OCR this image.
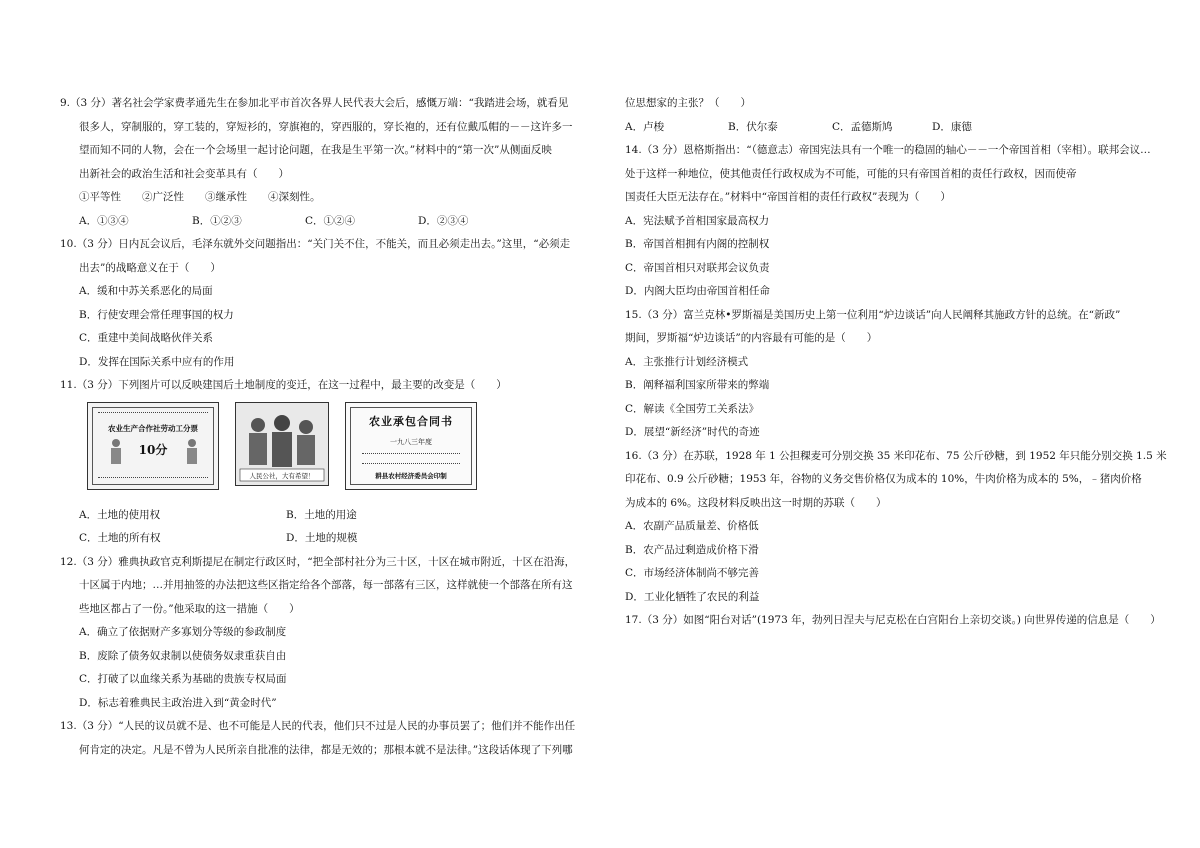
9.（3 分）著名社会学家费孝通先生在参加北平市首次各界人民代表大会后，感慨万端：“我踏进会场，就看见
很多人，穿制服的，穿工装的，穿短衫的，穿旗袍的，穿西服的，穿长袍的，还有位戴瓜帽的－－这许多一
望而知不同的人物，会在一个会场里一起讨论问题，在我是生平第一次。”材料中的“第一次”从侧面反映
出新社会的政治生活和社会变革具有（　　）
①平等性　　②广泛性　　③继承性　　④深刻性。
A．①③④	B．①②③	C．①②④	D．②③④
10.（3 分）日内瓦会议后，毛泽东就外交问题指出：“关门关不住，不能关，而且必须走出去。”这里，“必须走
出去”的战略意义在于（　　）
A．缓和中苏关系恶化的局面
B．行使安理会常任理事国的权力
C．重建中美间战略伙伴关系
D．发挥在国际关系中应有的作用
11.（3 分）下列图片可以反映建国后土地制度的变迁，在这一过程中，最主要的改变是（　　）
农业生产合作社劳动工分票
10分
人民公社，大有希望！
农业承包合同书
一九八三年度
耕县农村经济委员会印制
A．土地的使用权	B．土地的用途
C．土地的所有权	D．土地的规模
12.（3 分）雅典执政官克利斯提尼在制定行政区时，“把全部村社分为三十区，十区在城市附近，十区在沿海，
十区属于内地；…并用抽签的办法把这些区指定给各个部落，每一部落有三区，这样就使一个部落在所有这
些地区都占了一份。”他采取的这一措施（　　）
A．确立了依据财产多寡划分等级的参政制度
B．废除了债务奴隶制以使债务奴隶重获自由
C．打破了以血缘关系为基础的贵族专权局面
D．标志着雅典民主政治进入到“黄金时代”
13.（3 分）“人民的议员就不是、也不可能是人民的代表，他们只不过是人民的办事员罢了；他们并不能作出任
何肯定的决定。凡是不曾为人民所亲自批准的法律，都是无效的；那根本就不是法律。”这段话体现了下列哪
位思想家的主张？（　　）
A．卢梭	B．伏尔泰	C．孟德斯鸠	D．康德
14.（3 分）恩格斯指出：“（德意志）帝国宪法具有一个唯一的稳固的轴心－－一个帝国首相（宰相）。联邦会议…
处于这样一种地位，使其他责任行政权成为不可能，可能的只有帝国首相的责任行政权，因而使帝
国责任大臣无法存在。”材料中“帝国首相的责任行政权”表现为（　　）
A．宪法赋予首相国家最高权力
B．帝国首相拥有内阁的控制权
C．帝国首相只对联邦会议负责
D．内阁大臣均由帝国首相任命
15.（3 分）富兰克林•罗斯福是美国历史上第一位利用“炉边谈话”向人民阐释其施政方针的总统。在“新政”
期间，罗斯福“炉边谈话”的内容最有可能的是（　　）
A．主张推行计划经济模式
B．阐释福利国家所带来的弊端
C．解读《全国劳工关系法》
D．展望“新经济”时代的奇迹
16.（3 分）在苏联，1928 年 1 公担稞麦可分别交换 35 米印花布、75 公斤砂糖，到 1952 年只能分别交换 1.5 米
印花布、0.9 公斤砂糖；1953 年，谷物的义务交售价格仅为成本的 10%，牛肉价格为成本的 5%，﹣猪肉价格
为成本的 6%。这段材料反映出这一时期的苏联（　　）
A．农副产品质量差、价格低
B．农产品过剩造成价格下滑
C．市场经济体制尚不够完善
D．工业化牺牲了农民的利益
17.（3 分）如图“阳台对话”(1973 年，勃列日涅夫与尼克松在白宫阳台上亲切交谈。) 向世界传递的信息是（　　）
